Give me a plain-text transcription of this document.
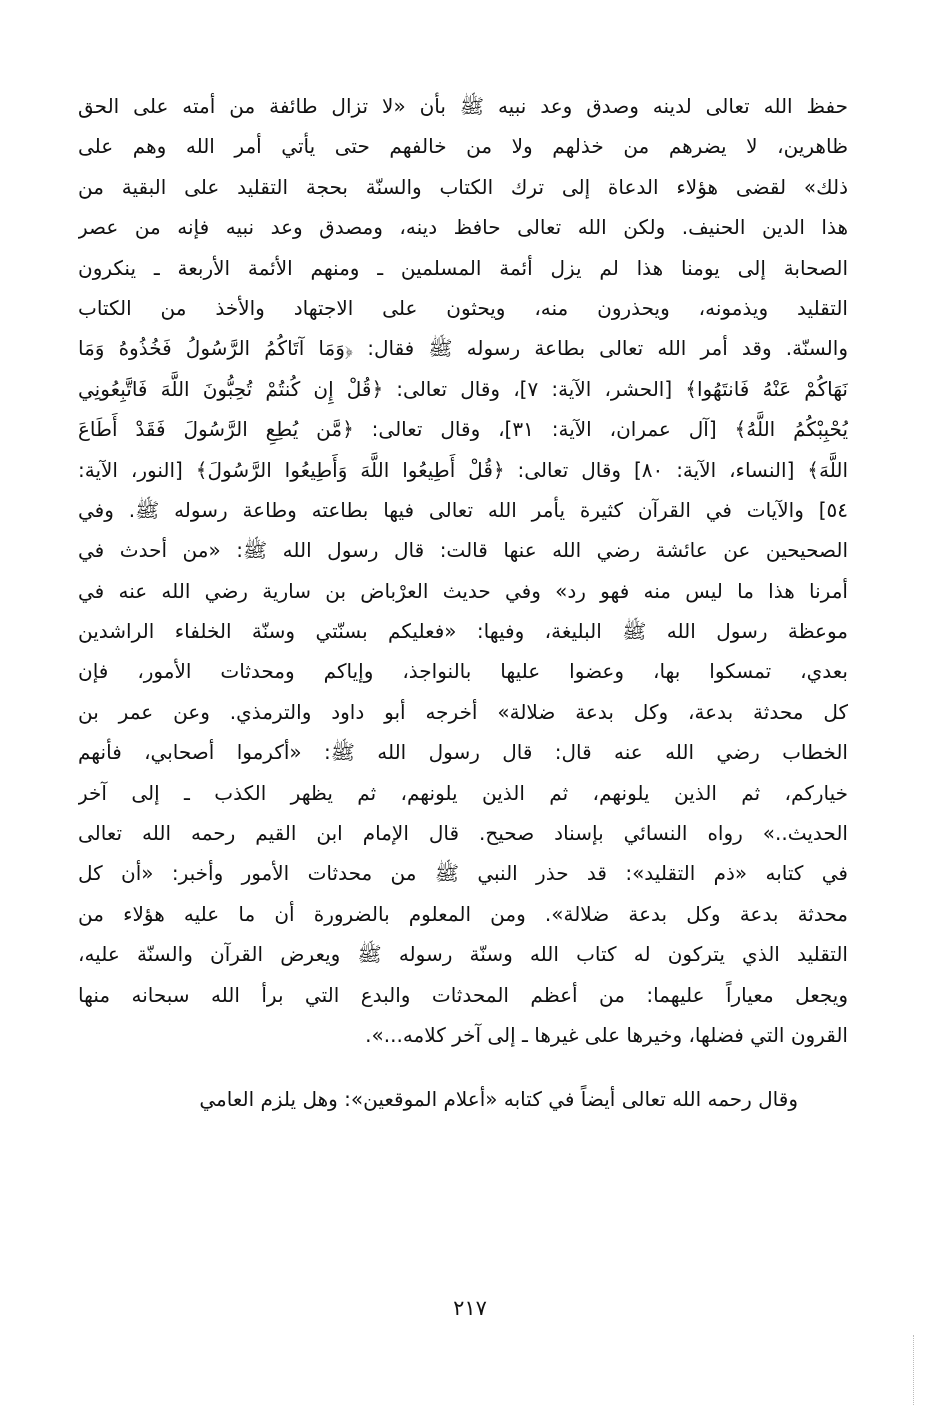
حفظ الله تعالى لدينه وصدق وعد نبيه ﷺ بأن «لا تزال طائفة من أمته على الحق
ظاهرين، لا يضرهم من خذلهم ولا من خالفهم حتى يأتي أمر الله وهم على
ذلك» لقضى هؤلاء الدعاة إلى ترك الكتاب والسنّة بحجة التقليد على البقية من
هذا الدين الحنيف. ولكن الله تعالى حافظ دينه، ومصدق وعد نبيه فإنه من عصر
الصحابة إلى يومنا هذا لم يزل أئمة المسلمين ـ ومنهم الأئمة الأربعة ـ ينكرون
التقليد ويذمونه، ويحذرون منه، ويحثون على الاجتهاد والأخذ من الكتاب
والسنّة. وقد أمر الله تعالى بطاعة رسوله ﷺ فقال: ﴿وَمَا آتَاكُمُ الرَّسُولُ فَخُذُوهُ وَمَا
نَهَاكُمْ عَنْهُ فَانتَهُوا﴾ [الحشر، الآية: ٧]، وقال تعالى: ﴿قُلْ إِن كُنتُمْ تُحِبُّونَ اللَّهَ فَاتَّبِعُونِي
يُحْبِبْكُمُ اللَّهُ﴾ [آل عمران، الآية: ٣١]، وقال تعالى: ﴿مَّن يُطِعِ الرَّسُولَ فَقَدْ أَطَاعَ
اللَّهَ﴾ [النساء، الآية: ٨٠] وقال تعالى: ﴿قُلْ أَطِيعُوا اللَّهَ وَأَطِيعُوا الرَّسُولَ﴾ [النور، الآية:
٥٤] والآيات في القرآن كثيرة يأمر الله تعالى فيها بطاعته وطاعة رسوله ﷺ. وفي
الصحيحين عن عائشة رضي الله عنها قالت: قال رسول الله ﷺ: «من أحدث في
أمرنا هذا ما ليس منه فهو رد» وفي حديث العرْباض بن سارية رضي الله عنه في
موعظة رسول الله ﷺ البليغة، وفيها: «فعليكم بسنّتي وسنّة الخلفاء الراشدين
بعدي، تمسكوا بها، وعضوا عليها بالنواجذ، وإياكم ومحدثات الأمور، فإن
كل محدثة بدعة، وكل بدعة ضلالة» أخرجه أبو داود والترمذي. وعن عمر بن
الخطاب رضي الله عنه قال: قال رسول الله ﷺ: «أكرموا أصحابي، فأنهم
خياركم، ثم الذين يلونهم، ثم الذين يلونهم، ثم يظهر الكذب ـ إلى آخر
الحديث..» رواه النسائي بإسناد صحيح. قال الإمام ابن القيم رحمه الله تعالى
في كتابه «ذم التقليد»: قد حذر النبي ﷺ من محدثات الأمور وأخبر: «أن كل
محدثة بدعة وكل بدعة ضلالة». ومن المعلوم بالضرورة أن ما عليه هؤلاء من
التقليد الذي يتركون له كتاب الله وسنّة رسوله ﷺ ويعرض القرآن والسنّة عليه،
ويجعل معياراً عليهما: من أعظم المحدثات والبدع التي برأ الله سبحانه منها
القرون التي فضلها، وخيرها على غيرها ـ إلى آخر كلامه...».
وقال رحمه الله تعالى أيضاً في كتابه «أعلام الموقعين»: وهل يلزم العامي
٢١٧
